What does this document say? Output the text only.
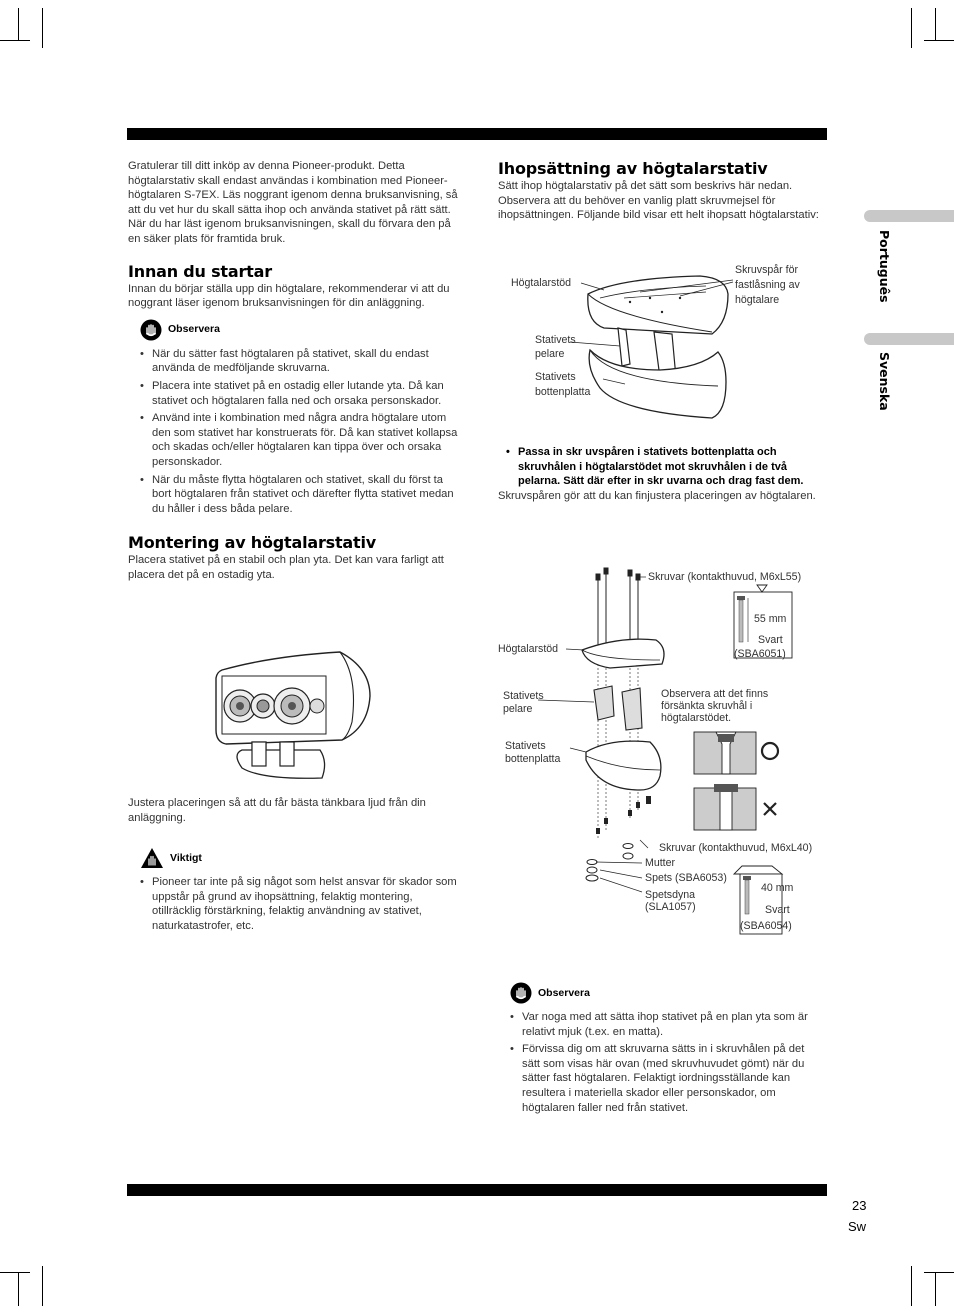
Português
Svenska

Gratulerar till ditt inköp av denna Pioneer-produkt. Detta högtalarstativ skall endast användas i kombination med Pioneer-högtalaren S-7EX. Läs noggrant igenom denna bruksanvisning, så att du vet hur du skall sätta ihop och använda stativet på rätt sätt. När du har läst igenom bruksanvisningen, skall du förvara den på en säker plats för framtida bruk.

Innan du startar

Innan du börjar ställa upp din högtalare, rekommenderar vi att du noggrant läser igenom bruksanvisningen för din anläggning.

Observera
• När du sätter fast högtalaren på stativet, skall du endast använda de medföljande skruvarna.
• Placera inte stativet på en ostadig eller lutande yta. Då kan stativet och högtalaren falla ned och orsaka personskador.
• Använd inte i kombination med några andra högtalare utom den som stativet har konstruerats för. Då kan stativet kollapsa och skadas och/eller högtalaren kan tippa över och orsaka personskador.
• När du måste flytta högtalaren och stativet, skall du först ta bort högtalaren från stativet och därefter flytta stativet medan du håller i dess båda pelare.
Montering av högtalarstativ

Placera stativet på en stabil och plan yta. Det kan vara farligt att placera det på en ostadig yta.

Justera placeringen så att du får bästa tänkbara ljud från din anläggning.

Viktigt
• Pioneer tar inte på sig något som helst ansvar för skador som uppstår på grund av ihopsättning, felaktig montering, otillräcklig förstärkning, felaktig användning av stativet, naturkatastrofer, etc.
Ihopsättning av högtalarstativ

Sätt ihop högtalarstativ på det sätt som beskrivs här nedan. Observera att du behöver en vanlig platt skruvmejsel för ihopsättningen. Följande bild visar ett helt ihopsatt högtalarstativ:

Högtalarstöd
Skruvspår för
fastlåsning av
högtalare
Stativets
pelare
Stativets
bottenplatta
• Passa in skr uvspåren i stativets bottenplatta och skruvhålen i högtalarstödet mot skruvhålen i de två pelarna. Sätt där efter in skr uvarna och drag fast dem.

Skruvspåren gör att du kan finjustera placeringen av högtalaren.

Skruvar (kontakthuvud, M6xL55)
55 mm
Svart
(SBA6051)
Högtalarstöd
Stativets
pelare
Observera att det finns
försänkta skruvhål i
högtalarstödet.
Stativets
bottenplatta
Skruvar (kontakthuvud, M6xL40)
Mutter
Spets (SBA6053)
Spetsdyna
(SLA1057)
40 mm
Svart
(SBA6054)
Observera
• Var noga med att sätta ihop stativet på en plan yta som är relativt mjuk (t.ex. en matta).
• Förvissa dig om att skruvarna sätts in i skruvhålen på det sätt som visas här ovan (med skruvhuvudet gömt) när du sätter fast högtalaren. Felaktigt iordningsställande kan resultera i materiella skador eller personskador, om högtalaren faller ned från stativet.
23
Sw
